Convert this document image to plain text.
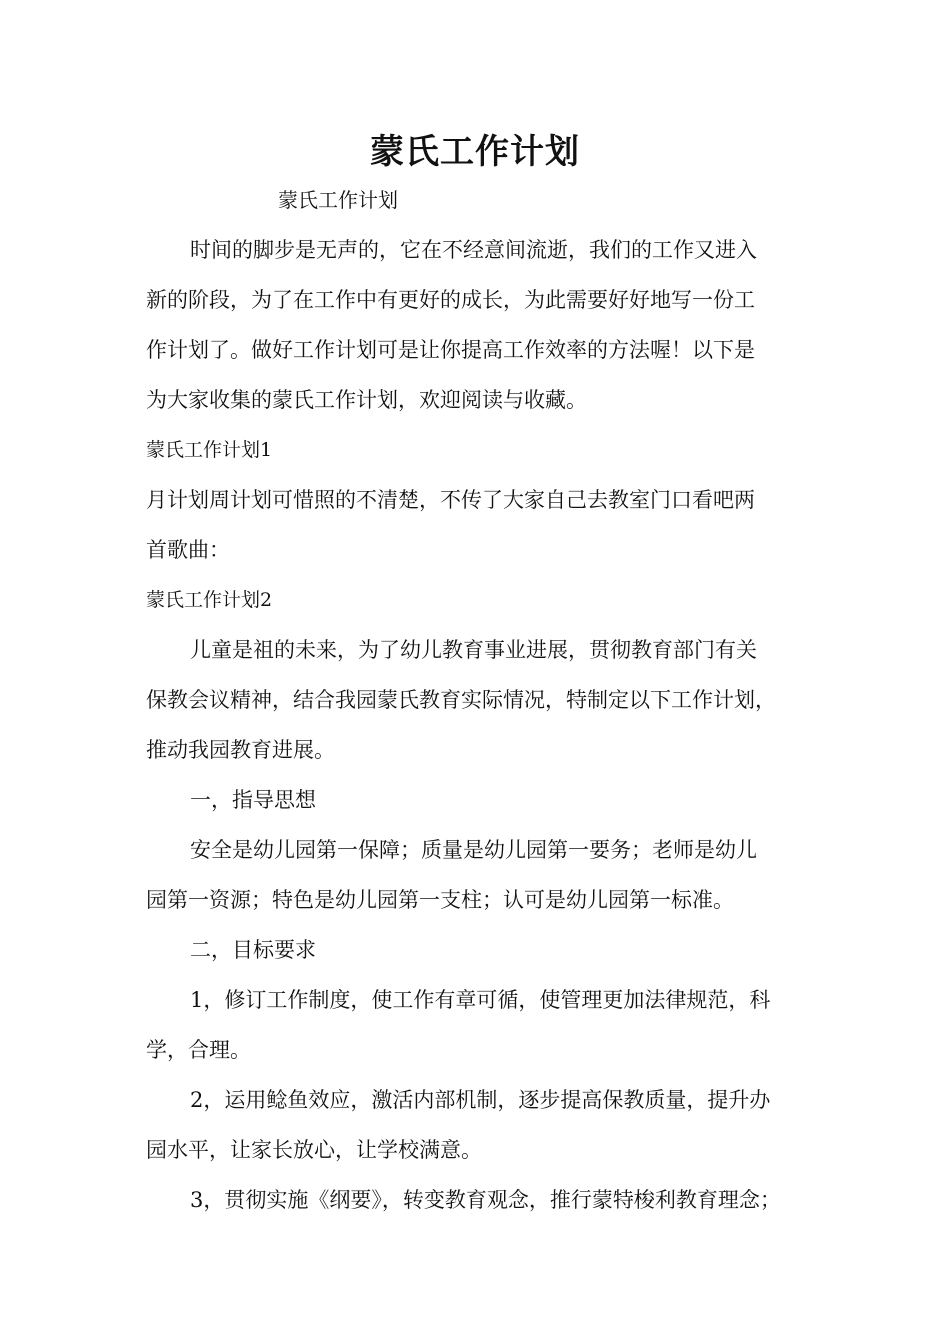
蒙氏工作计划
蒙氏工作计划
时间的脚步是无声的，它在不经意间流逝，我们的工作又进入
新的阶段，为了在工作中有更好的成长，为此需要好好地写一份工
作计划了。做好工作计划可是让你提高工作效率的方法喔！以下是
为大家收集的蒙氏工作计划，欢迎阅读与收藏。
蒙氏工作计划1
月计划周计划可惜照的不清楚，不传了大家自己去教室门口看吧两
首歌曲：
蒙氏工作计划2
儿童是祖的未来，为了幼儿教育事业进展，贯彻教育部门有关
保教会议精神，结合我园蒙氏教育实际情况，特制定以下工作计划，
推动我园教育进展。
一，指导思想
安全是幼儿园第一保障；质量是幼儿园第一要务；老师是幼儿
园第一资源；特色是幼儿园第一支柱；认可是幼儿园第一标准。
二，目标要求
1，修订工作制度，使工作有章可循，使管理更加法律规范，科
学，合理。
2，运用鲶鱼效应，激活内部机制，逐步提高保教质量，提升办
园水平，让家长放心，让学校满意。
3，贯彻实施《纲要》，转变教育观念，推行蒙特梭利教育理念；
